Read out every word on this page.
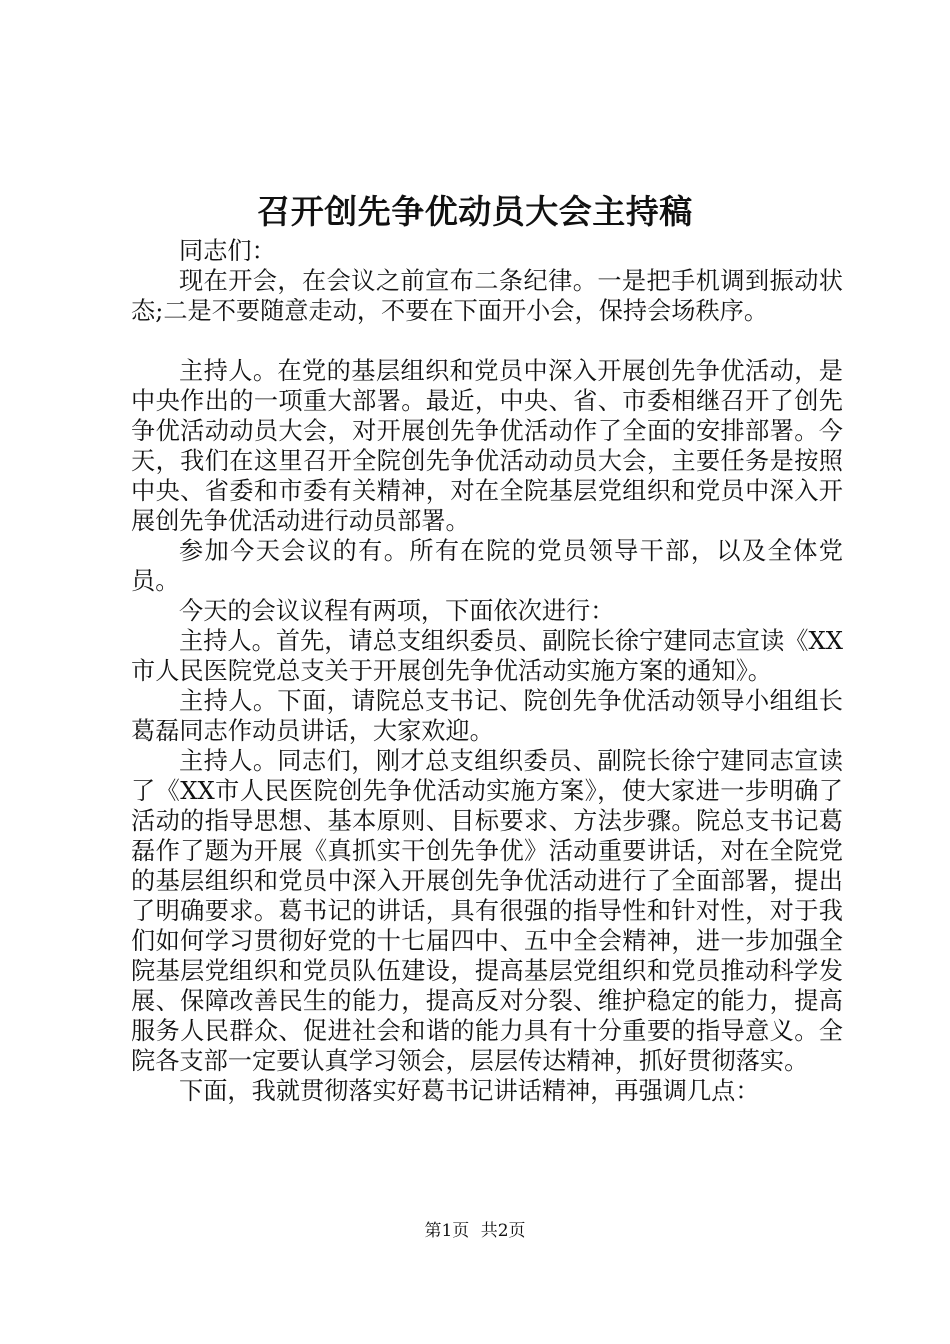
召开创先争优动员大会主持稿

同志们：

现在开会，在会议之前宣布二条纪律。一是把手机调到振动状态;二是不要随意走动，不要在下面开小会，保持会场秩序。

主持人。在党的基层组织和党员中深入开展创先争优活动，是中央作出的一项重大部署。最近，中央、省、市委相继召开了创先争优活动动员大会，对开展创先争优活动作了全面的安排部署。今天，我们在这里召开全院创先争优活动动员大会，主要任务是按照中央、省委和市委有关精神，对在全院基层党组织和党员中深入开展创先争优活动进行动员部署。

参加今天会议的有。所有在院的党员领导干部，以及全体党员。

今天的会议议程有两项，下面依次进行：

主持人。首先，请总支组织委员、副院长徐宁建同志宣读《XX市人民医院党总支关于开展创先争优活动实施方案的通知》。

主持人。下面，请院总支书记、院创先争优活动领导小组组长葛磊同志作动员讲话，大家欢迎。

主持人。同志们，刚才总支组织委员、副院长徐宁建同志宣读了《XX市人民医院创先争优活动实施方案》，使大家进一步明确了活动的指导思想、基本原则、目标要求、方法步骤。院总支书记葛磊作了题为开展《真抓实干创先争优》活动重要讲话，对在全院党的基层组织和党员中深入开展创先争优活动进行了全面部署，提出了明确要求。葛书记的讲话，具有很强的指导性和针对性，对于我们如何学习贯彻好党的十七届四中、五中全会精神，进一步加强全院基层党组织和党员队伍建设，提高基层党组织和党员推动科学发展、保障改善民生的能力，提高反对分裂、维护稳定的能力，提高服务人民群众、促进社会和谐的能力具有十分重要的指导意义。全院各支部一定要认真学习领会，层层传达精神，抓好贯彻落实。

下面，我就贯彻落实好葛书记讲话精神，再强调几点：

第1页 共2页
